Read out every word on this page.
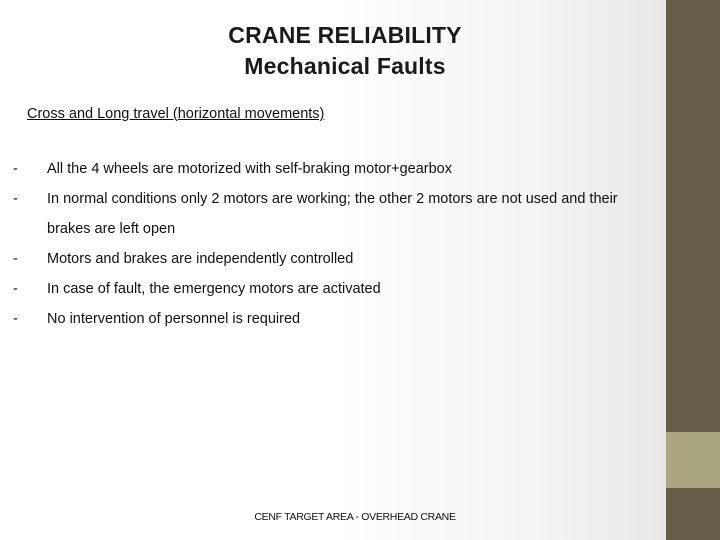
CRANE RELIABILITY
Mechanical Faults
Cross and Long travel (horizontal movements)
-	All the 4 wheels are motorized with self-braking motor+gearbox
-	In normal conditions only 2 motors are working; the other 2 motors are not used and their brakes are left open
-	Motors and brakes are independently controlled
-	In case of fault, the emergency motors are activated
-	No intervention of personnel is required
CENF TARGET AREA - OVERHEAD CRANE
